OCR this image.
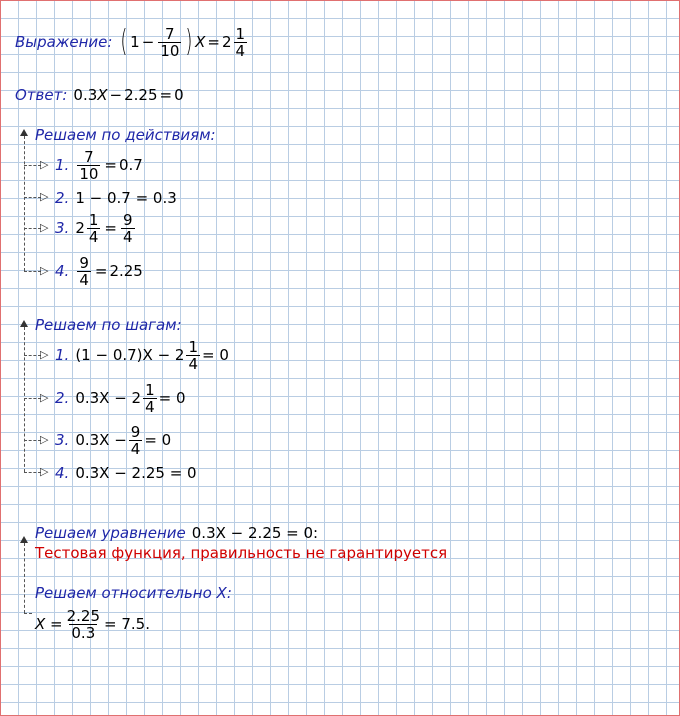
Выражение: ( $1 - \frac{7}{10}$ ) $X = 2 \frac{1}{4}$
Ответ: 0.3 X − 2.25 = 0
Решаем по действиям:
▷ 1. $\frac{7}{10} = 0.7$
▷ 2. 1 − 0.7 = 0.3
▷ 3. $2 \frac{1}{4} = \frac{9}{4}$
▷ 4. $\frac{9}{4} = 2.25$
Решаем по шагам:
▷ 1. $(1 - 0.7)X - 2 \frac{1}{4} = 0$
▷ 2. $0.3X - 2 \frac{1}{4} = 0$
▷ 3. $0.3X - \frac{9}{4} = 0$
▷ 4. 0.3X − 2.25 = 0
Решаем уравнение 0.3X − 2.25 = 0:
Тестовая функция, правильность не гарантируется
Решаем относительно X:
$X = \frac{2.25}{0.3} = 7.5$.
